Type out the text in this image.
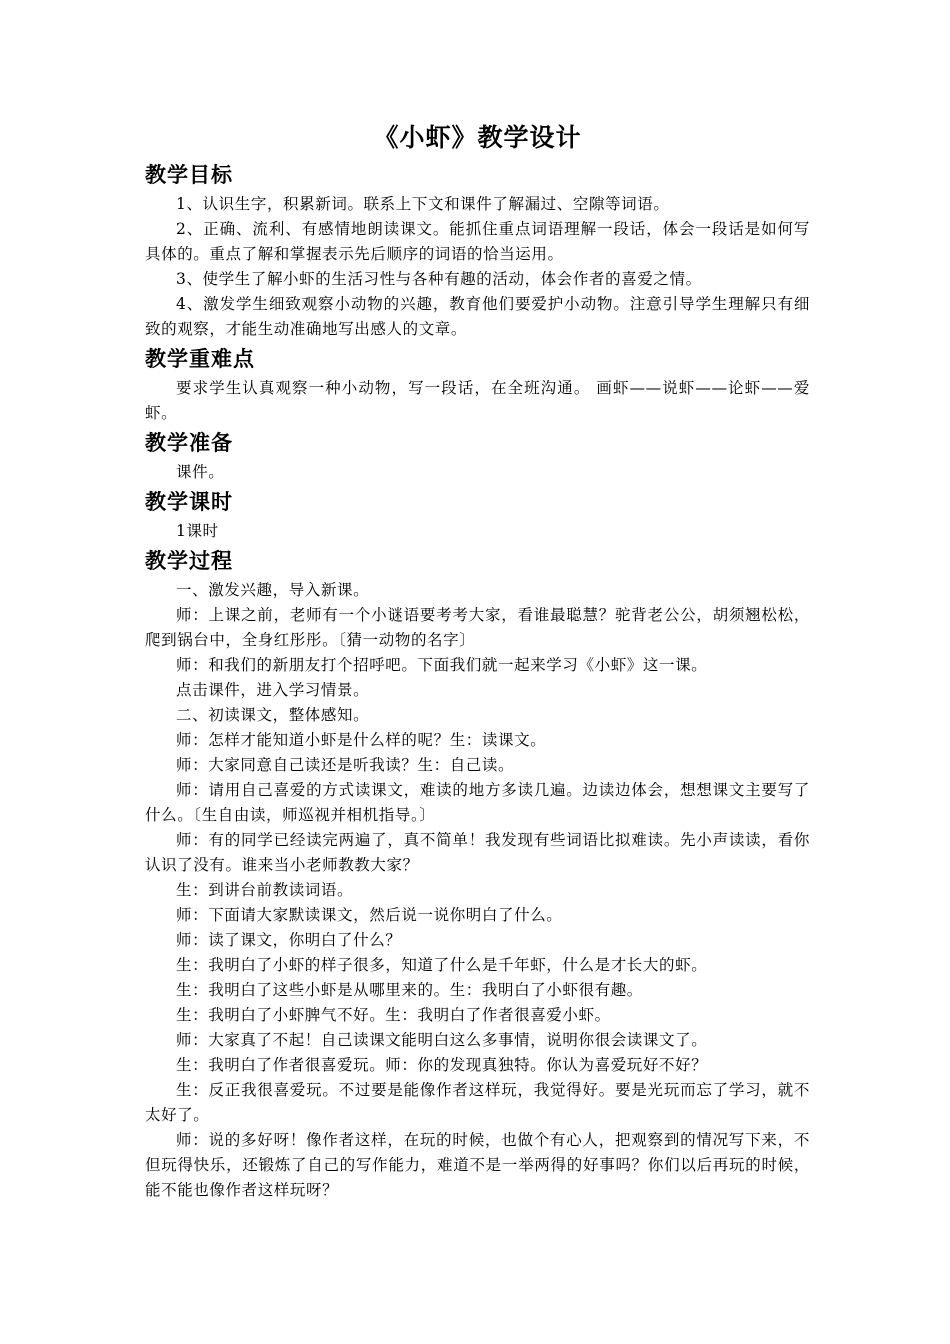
《小虾》教学设计
教学目标

1、认识生字，积累新词。联系上下文和课件了解漏过、空隙等词语。

2、正确、流利、有感情地朗读课文。能抓住重点词语理解一段话，体会一段话是如何写具体的。重点了解和掌握表示先后顺序的词语的恰当运用。

3、使学生了解小虾的生活习性与各种有趣的活动，体会作者的喜爱之情。

4、激发学生细致观察小动物的兴趣，教育他们要爱护小动物。注意引导学生理解只有细致的观察，才能生动准确地写出感人的文章。

教学重难点

要求学生认真观察一种小动物，写一段话，在全班沟通。 画虾——说虾——论虾——爱虾。

教学准备

课件。

教学课时

1课时

教学过程

一、激发兴趣，导入新课。

师：上课之前，老师有一个小谜语要考考大家，看谁最聪慧？驼背老公公，胡须翘松松，爬到锅台中，全身红彤彤。〔猜一动物的名字〕

师：和我们的新朋友打个招呼吧。下面我们就一起来学习《小虾》这一课。

点击课件，进入学习情景。

二、初读课文，整体感知。

师：怎样才能知道小虾是什么样的呢？生：读课文。

师：大家同意自己读还是听我读？生：自己读。

师：请用自己喜爱的方式读课文，难读的地方多读几遍。边读边体会，想想课文主要写了什么。〔生自由读，师巡视并相机指导。〕

师：有的同学已经读完两遍了，真不简单！我发现有些词语比拟难读。先小声读读，看你认识了没有。谁来当小老师教教大家？

生：到讲台前教读词语。

师：下面请大家默读课文，然后说一说你明白了什么。

师：读了课文，你明白了什么？

生：我明白了小虾的样子很多，知道了什么是千年虾，什么是才长大的虾。

生：我明白了这些小虾是从哪里来的。生：我明白了小虾很有趣。

生：我明白了小虾脾气不好。生：我明白了作者很喜爱小虾。

师：大家真了不起！自己读课文能明白这么多事情，说明你很会读课文了。

生：我明白了作者很喜爱玩。师：你的发现真独特。你认为喜爱玩好不好？

生：反正我很喜爱玩。不过要是能像作者这样玩，我觉得好。要是光玩而忘了学习，就不太好了。

师：说的多好呀！像作者这样，在玩的时候，也做个有心人，把观察到的情况写下来，不但玩得快乐，还锻炼了自己的写作能力，难道不是一举两得的好事吗？你们以后再玩的时候，能不能也像作者这样玩呀？
